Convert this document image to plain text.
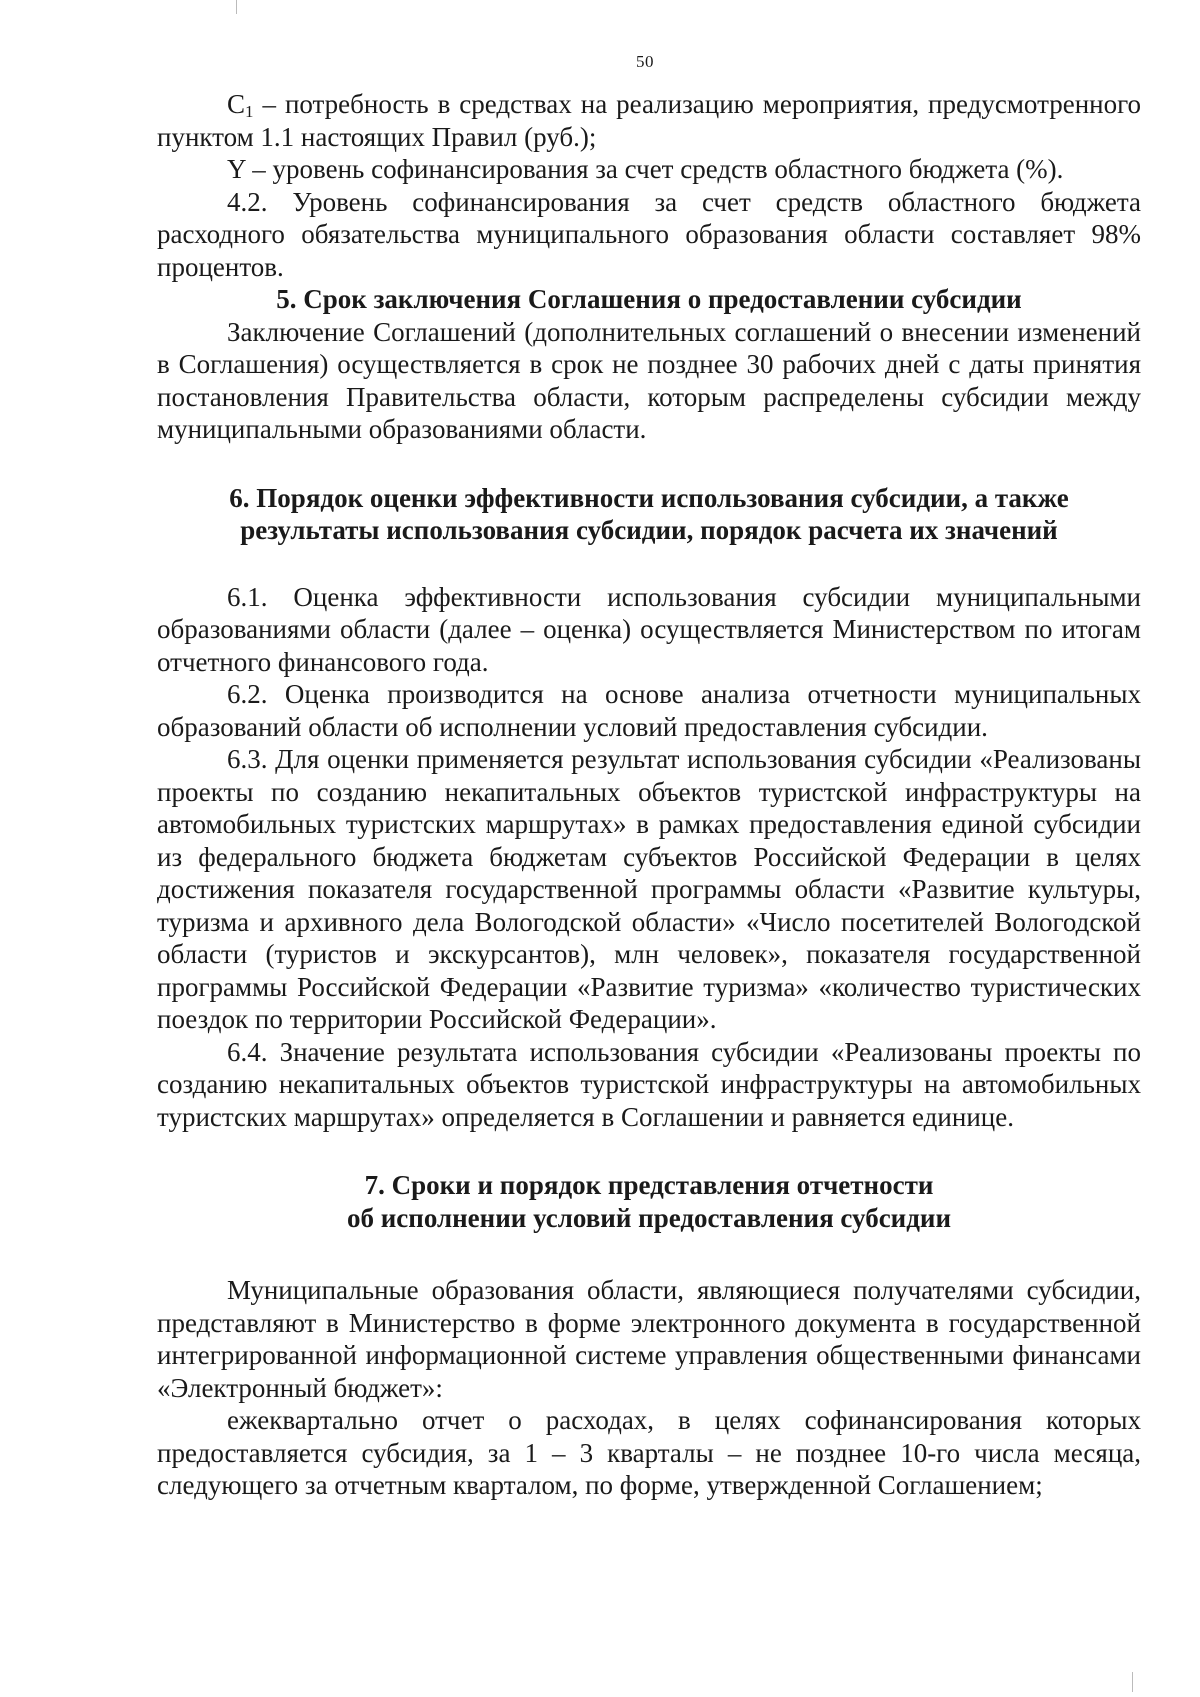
50

$C_1$ – потребность в средствах на реализацию мероприятия, предусмотренного пунктом 1.1 настоящих Правил (руб.);

Y – уровень софинансирования за счет средств областного бюджета (%).

4.2. Уровень софинансирования за счет средств областного бюджета расходного обязательства муниципального образования области составляет 98% процентов.

5. Срок заключения Соглашения о предоставлении субсидии

Заключение Соглашений (дополнительных соглашений о внесении изменений в Соглашения) осуществляется в срок не позднее 30 рабочих дней с даты принятия постановления Правительства области, которым распределены субсидии между муниципальными образованиями области.

6. Порядок оценки эффективности использования субсидии, а также
результаты использования субсидии, порядок расчета их значений

6.1. Оценка эффективности использования субсидии муниципальными образованиями области (далее – оценка) осуществляется Министерством по итогам отчетного финансового года.

6.2. Оценка производится на основе анализа отчетности муниципальных образований области об исполнении условий предоставления субсидии.

6.3. Для оценки применяется результат использования субсидии «Реализованы проекты по созданию некапитальных объектов туристской инфраструктуры на автомобильных туристских маршрутах» в рамках предоставления единой субсидии из федерального бюджета бюджетам субъектов Российской Федерации в целях достижения показателя государственной программы области «Развитие культуры, туризма и архивного дела Вологодской области» «Число посетителей Вологодской области (туристов и экскурсантов), млн человек», показателя государственной программы Российской Федерации «Развитие туризма» «количество туристических поездок по территории Российской Федерации».

6.4. Значение результата использования субсидии «Реализованы проекты по созданию некапитальных объектов туристской инфраструктуры на автомобильных туристских маршрутах» определяется в Соглашении и равняется единице.

7. Сроки и порядок представления отчетности
об исполнении условий предоставления субсидии

Муниципальные образования области, являющиеся получателями субсидии, представляют в Министерство в форме электронного документа в государственной интегрированной информационной системе управления общественными финансами «Электронный бюджет»:

ежеквартально отчет о расходах, в целях софинансирования которых предоставляется субсидия, за 1 – 3 кварталы – не позднее 10-го числа месяца, следующего за отчетным кварталом, по форме, утвержденной Соглашением;
